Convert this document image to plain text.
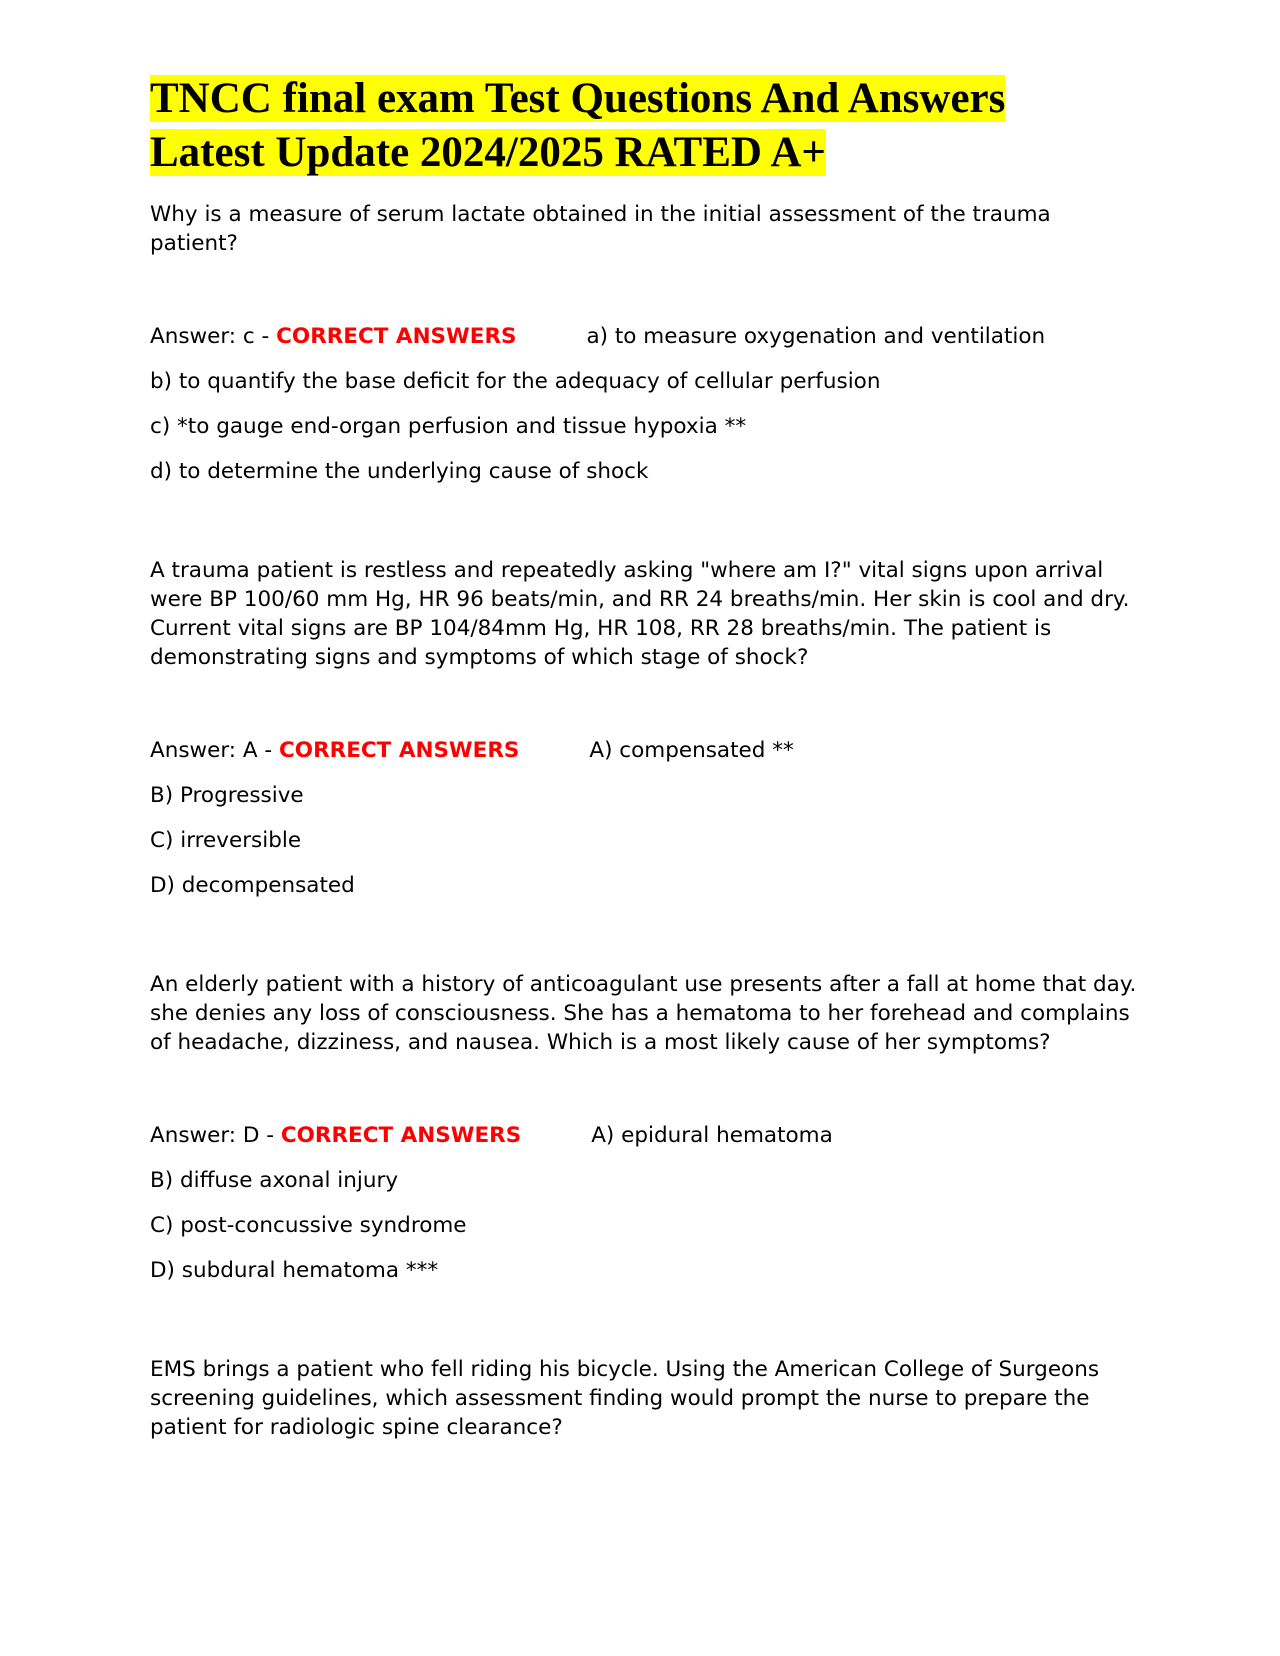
TNCC final exam Test Questions And Answers
Latest Update 2024/2025 RATED A+

Why is a measure of serum lactate obtained in the initial assessment of the trauma patient?

Answer: c - CORRECT ANSWERS	a) to measure oxygenation and ventilation

b) to quantify the base deficit for the adequacy of cellular perfusion

c) *to gauge end-organ perfusion and tissue hypoxia **

d) to determine the underlying cause of shock

A trauma patient is restless and repeatedly asking "where am I?" vital signs upon arrival were BP 100/60 mm Hg, HR 96 beats/min, and RR 24 breaths/min. Her skin is cool and dry. Current vital signs are BP 104/84mm Hg, HR 108, RR 28 breaths/min. The patient is demonstrating signs and symptoms of which stage of shock?

Answer: A - CORRECT ANSWERS	A) compensated **

B) Progressive

C) irreversible

D) decompensated

An elderly patient with a history of anticoagulant use presents after a fall at home that day. she denies any loss of consciousness. She has a hematoma to her forehead and complains of headache, dizziness, and nausea. Which is a most likely cause of her symptoms?

Answer: D - CORRECT ANSWERS	A) epidural hematoma

B) diffuse axonal injury

C) post-concussive syndrome

D) subdural hematoma ***

EMS brings a patient who fell riding his bicycle. Using the American College of Surgeons screening guidelines, which assessment finding would prompt the nurse to prepare the patient for radiologic spine clearance?
